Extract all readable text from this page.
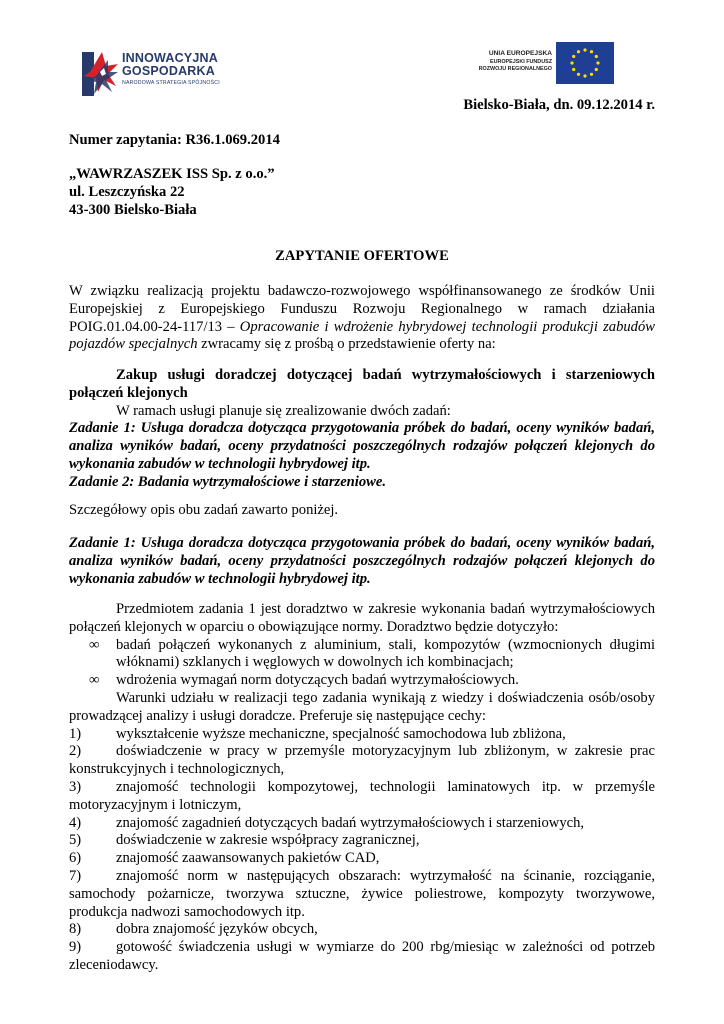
INNOWACYJNA
GOSPODARKA
NARODOWA STRATEGIA SPÓJNOŚCI
UNIA EUROPEJSKA
EUROPEJSKI FUNDUSZ
ROZWOJU REGIONALNEGO
Bielsko-Biała, dn. 09.12.2014 r.
Numer zapytania: R36.1.069.2014
„WAWRZASZEK ISS Sp. z o.o.”
ul. Leszczyńska 22
43-300 Bielsko-Biała
ZAPYTANIE OFERTOWE
W związku realizacją projektu badawczo-rozwojowego współfinansowanego ze środków Unii Europejskiej z Europejskiego Funduszu Rozwoju Regionalnego w ramach działania POIG.01.04.00-24-117/13 – Opracowanie i wdrożenie hybrydowej technologii produkcji zabudów pojazdów specjalnych zwracamy się z prośbą o przedstawienie oferty na:
Zakup usługi doradczej dotyczącej badań wytrzymałościowych i starzeniowych połączeń klejonych
W ramach usługi planuje się zrealizowanie dwóch zadań:
Zadanie 1: Usługa doradcza dotycząca przygotowania próbek do badań, oceny wyników badań, analiza wyników badań, oceny przydatności poszczególnych rodzajów połączeń klejonych do wykonania zabudów w technologii hybrydowej itp.
Zadanie 2: Badania wytrzymałościowe i starzeniowe.
Szczegółowy opis obu zadań zawarto poniżej.
Zadanie 1: Usługa doradcza dotycząca przygotowania próbek do badań, oceny wyników badań, analiza wyników badań, oceny przydatności poszczególnych rodzajów połączeń klejonych do wykonania zabudów w technologii hybrydowej itp.
Przedmiotem zadania 1 jest doradztwo w zakresie wykonania badań wytrzymałościowych połączeń klejonych w oparciu o obowiązujące normy. Doradztwo będzie dotyczyło:
∞ badań połączeń wykonanych z aluminium, stali, kompozytów (wzmocnionych długimi włóknami) szklanych i węglowych w dowolnych ich kombinacjach;
∞ wdrożenia wymagań norm dotyczących badań wytrzymałościowych.
Warunki udziału w realizacji tego zadania wynikają z wiedzy i doświadczenia osób/osoby prowadzącej analizy i usługi doradcze. Preferuje się następujące cechy:
1) wykształcenie wyższe mechaniczne, specjalność samochodowa lub zbliżona,
2) doświadczenie w pracy w przemyśle motoryzacyjnym lub zbliżonym, w zakresie prac konstrukcyjnych i technologicznych,
3) znajomość technologii kompozytowej, technologii laminatowych itp. w przemyśle motoryzacyjnym i lotniczym,
4) znajomość zagadnień dotyczących badań wytrzymałościowych i starzeniowych,
5) doświadczenie w zakresie współpracy zagranicznej,
6) znajomość zaawansowanych pakietów CAD,
7) znajomość norm w następujących obszarach: wytrzymałość na ścinanie, rozciąganie, samochody pożarnicze, tworzywa sztuczne, żywice poliestrowe, kompozyty tworzywowe, produkcja nadwozi samochodowych itp.
8) dobra znajomość języków obcych,
9) gotowość świadczenia usługi w wymiarze do 200 rbg/miesiąc w zależności od potrzeb zleceniodawcy.
